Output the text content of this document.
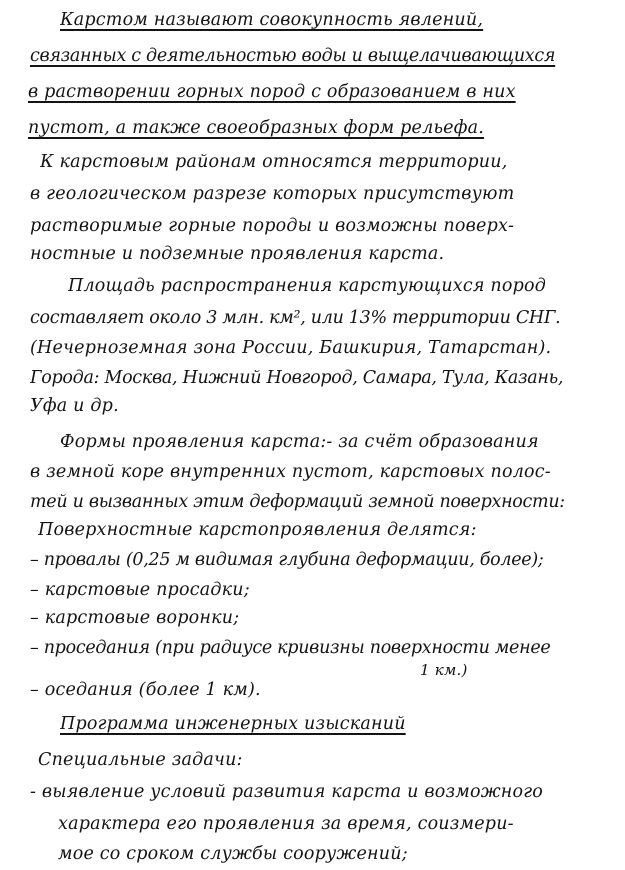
Карстом называют совокупность явлений,
связанных с деятельностью воды и выщелачивающихся
в растворении горных пород с образованием в них
пустот, а также своеобразных форм рельефа.
К карстовым районам относятся территории,
в геологическом разрезе которых присутствуют
растворимые горные породы и возможны поверх-
ностные и подземные проявления карста.
Площадь распространения карстующихся пород
составляет около 3 млн. км², или 13% территории СНГ.
(Нечерноземная зона России, Башкирия, Татарстан).
Города: Москва, Нижний Новгород, Самара, Тула, Казань,
Уфа и др.
Формы проявления карста:- за счёт образования
в земной коре внутренних пустот, карстовых полос-
тей и вызванных этим деформаций земной поверхности:
Поверхностные карстопроявления делятся:
– провалы (0,25 м видимая глубина деформации, более);
– карстовые просадки;
– карстовые воронки;
– проседания (при радиусе кривизны поверхности менее
1 км.)
– оседания (более 1 км).
Программа инженерных изысканий
Специальные задачи:
- выявление условий развития карста и возможного
характера его проявления за время, соизмери-
мое со сроком службы сооружений;
